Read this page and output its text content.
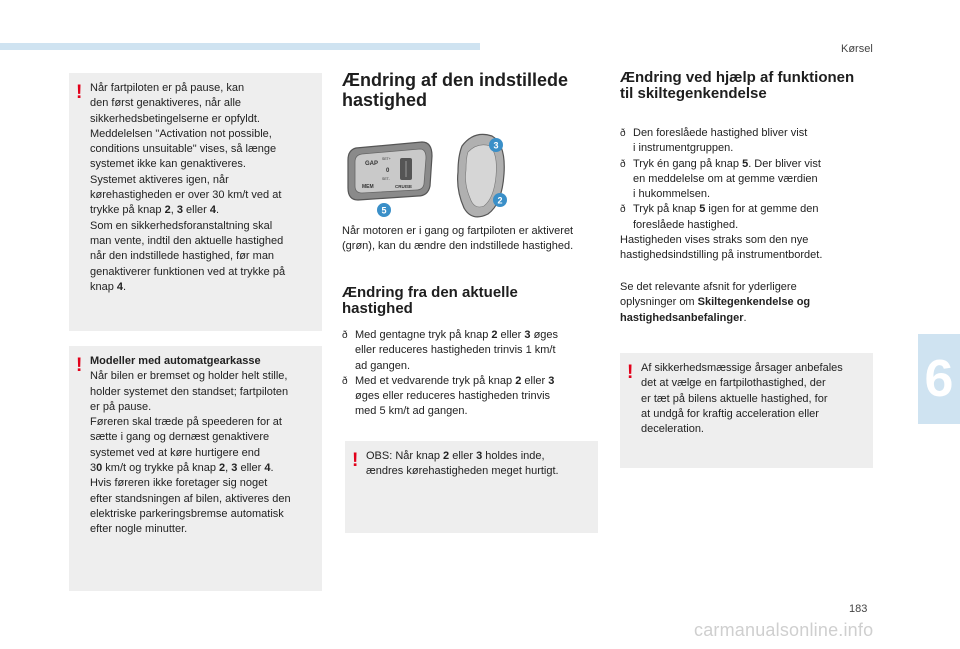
Kørsel
6
! Når fartpiloten er på pause, kan
den først genaktiveres, når alle
sikkerhedsbetingelserne er opfyldt.
Meddelelsen "Activation not possible,
conditions unsuitable" vises, så længe
systemet ikke kan genaktiveres.
Systemet aktiveres igen, når
kørehastigheden er over 30 km/t ved at
trykke på knap 2, 3 eller 4.
Som en sikkerhedsforanstaltning skal
man vente, indtil den aktuelle hastighed
når den indstillede hastighed, før man
genaktiverer funktionen ved at trykke på
knap 4.
! Modeller med automatgearkasse
Når bilen er bremset og holder helt stille,
holder systemet den standset; fartpiloten
er på pause.
Føreren skal træde på speederen for at
sætte i gang og dernæst genaktivere
systemet ved at køre hurtigere end
30 km/t og trykke på knap 2, 3 eller 4.
Hvis føreren ikke foretager sig noget
efter standsningen af bilen, aktiveres den
elektriske parkeringsbremse automatisk
efter nogle minutter.
Ændring af den indstillede
hastighed
GAP
MEM	CRUISE
SET+
SET-
0
3
2
5
Når motoren er i gang og fartpiloten er aktiveret
(grøn), kan du ændre den indstillede hastighed.
Ændring fra den aktuelle
hastighed
ð Med gentagne tryk på knap 2 eller 3 øges
eller reduceres hastigheden trinvis 1 km/t
ad gangen.
ð Med et vedvarende tryk på knap 2 eller 3
øges eller reduceres hastigheden trinvis
med 5 km/t ad gangen.
! OBS: Når knap 2 eller 3 holdes inde,
ændres kørehastigheden meget hurtigt.
Ændring ved hjælp af funktionen
til skiltegenkendelse
ð Den foreslåede hastighed bliver vist
i instrumentgruppen.
ð Tryk én gang på knap 5. Der bliver vist
en meddelelse om at gemme værdien
i hukommelsen.
ð Tryk på knap 5 igen for at gemme den
foreslåede hastighed.
Hastigheden vises straks som den nye
hastighedsindstilling på instrumentbordet.
Se det relevante afsnit for yderligere
oplysninger om Skiltegenkendelse og
hastighedsanbefalinger.
! Af sikkerhedsmæssige årsager anbefales
det at vælge en fartpilothastighed, der
er tæt på bilens aktuelle hastighed, for
at undgå for kraftig acceleration eller
deceleration.
183
carmanualsonline.info
